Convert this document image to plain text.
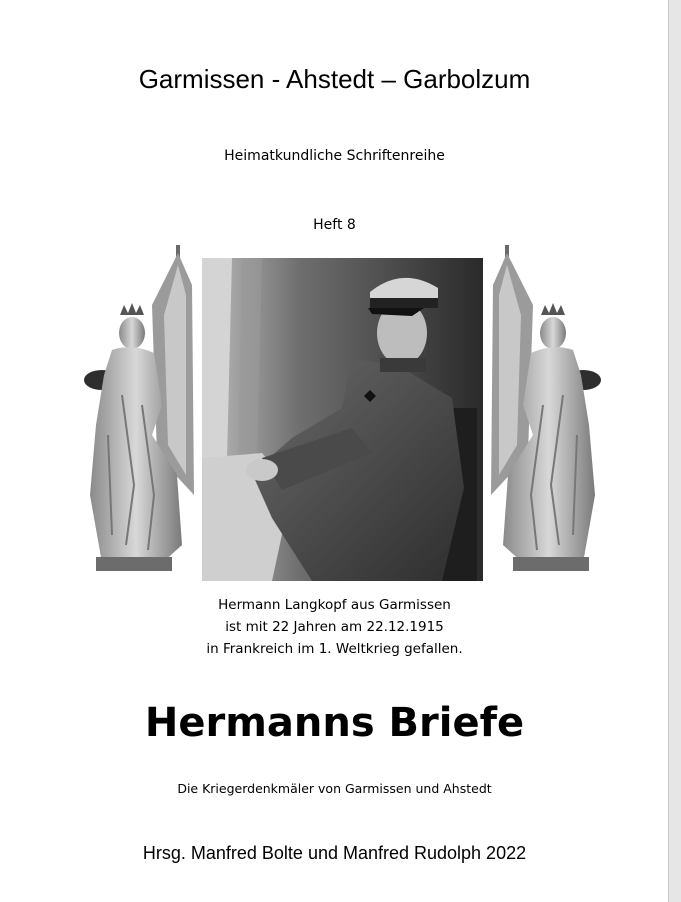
Garmissen - Ahstedt – Garbolzum
Heimatkundliche Schriftenreihe
Heft 8
Hermann Langkopf aus Garmissen
ist mit 22 Jahren am 22.12.1915
in Frankreich im 1. Weltkrieg gefallen.
Hermanns Briefe
Die Kriegerdenkmäler von Garmissen und Ahstedt
Hrsg. Manfred Bolte und Manfred Rudolph 2022
